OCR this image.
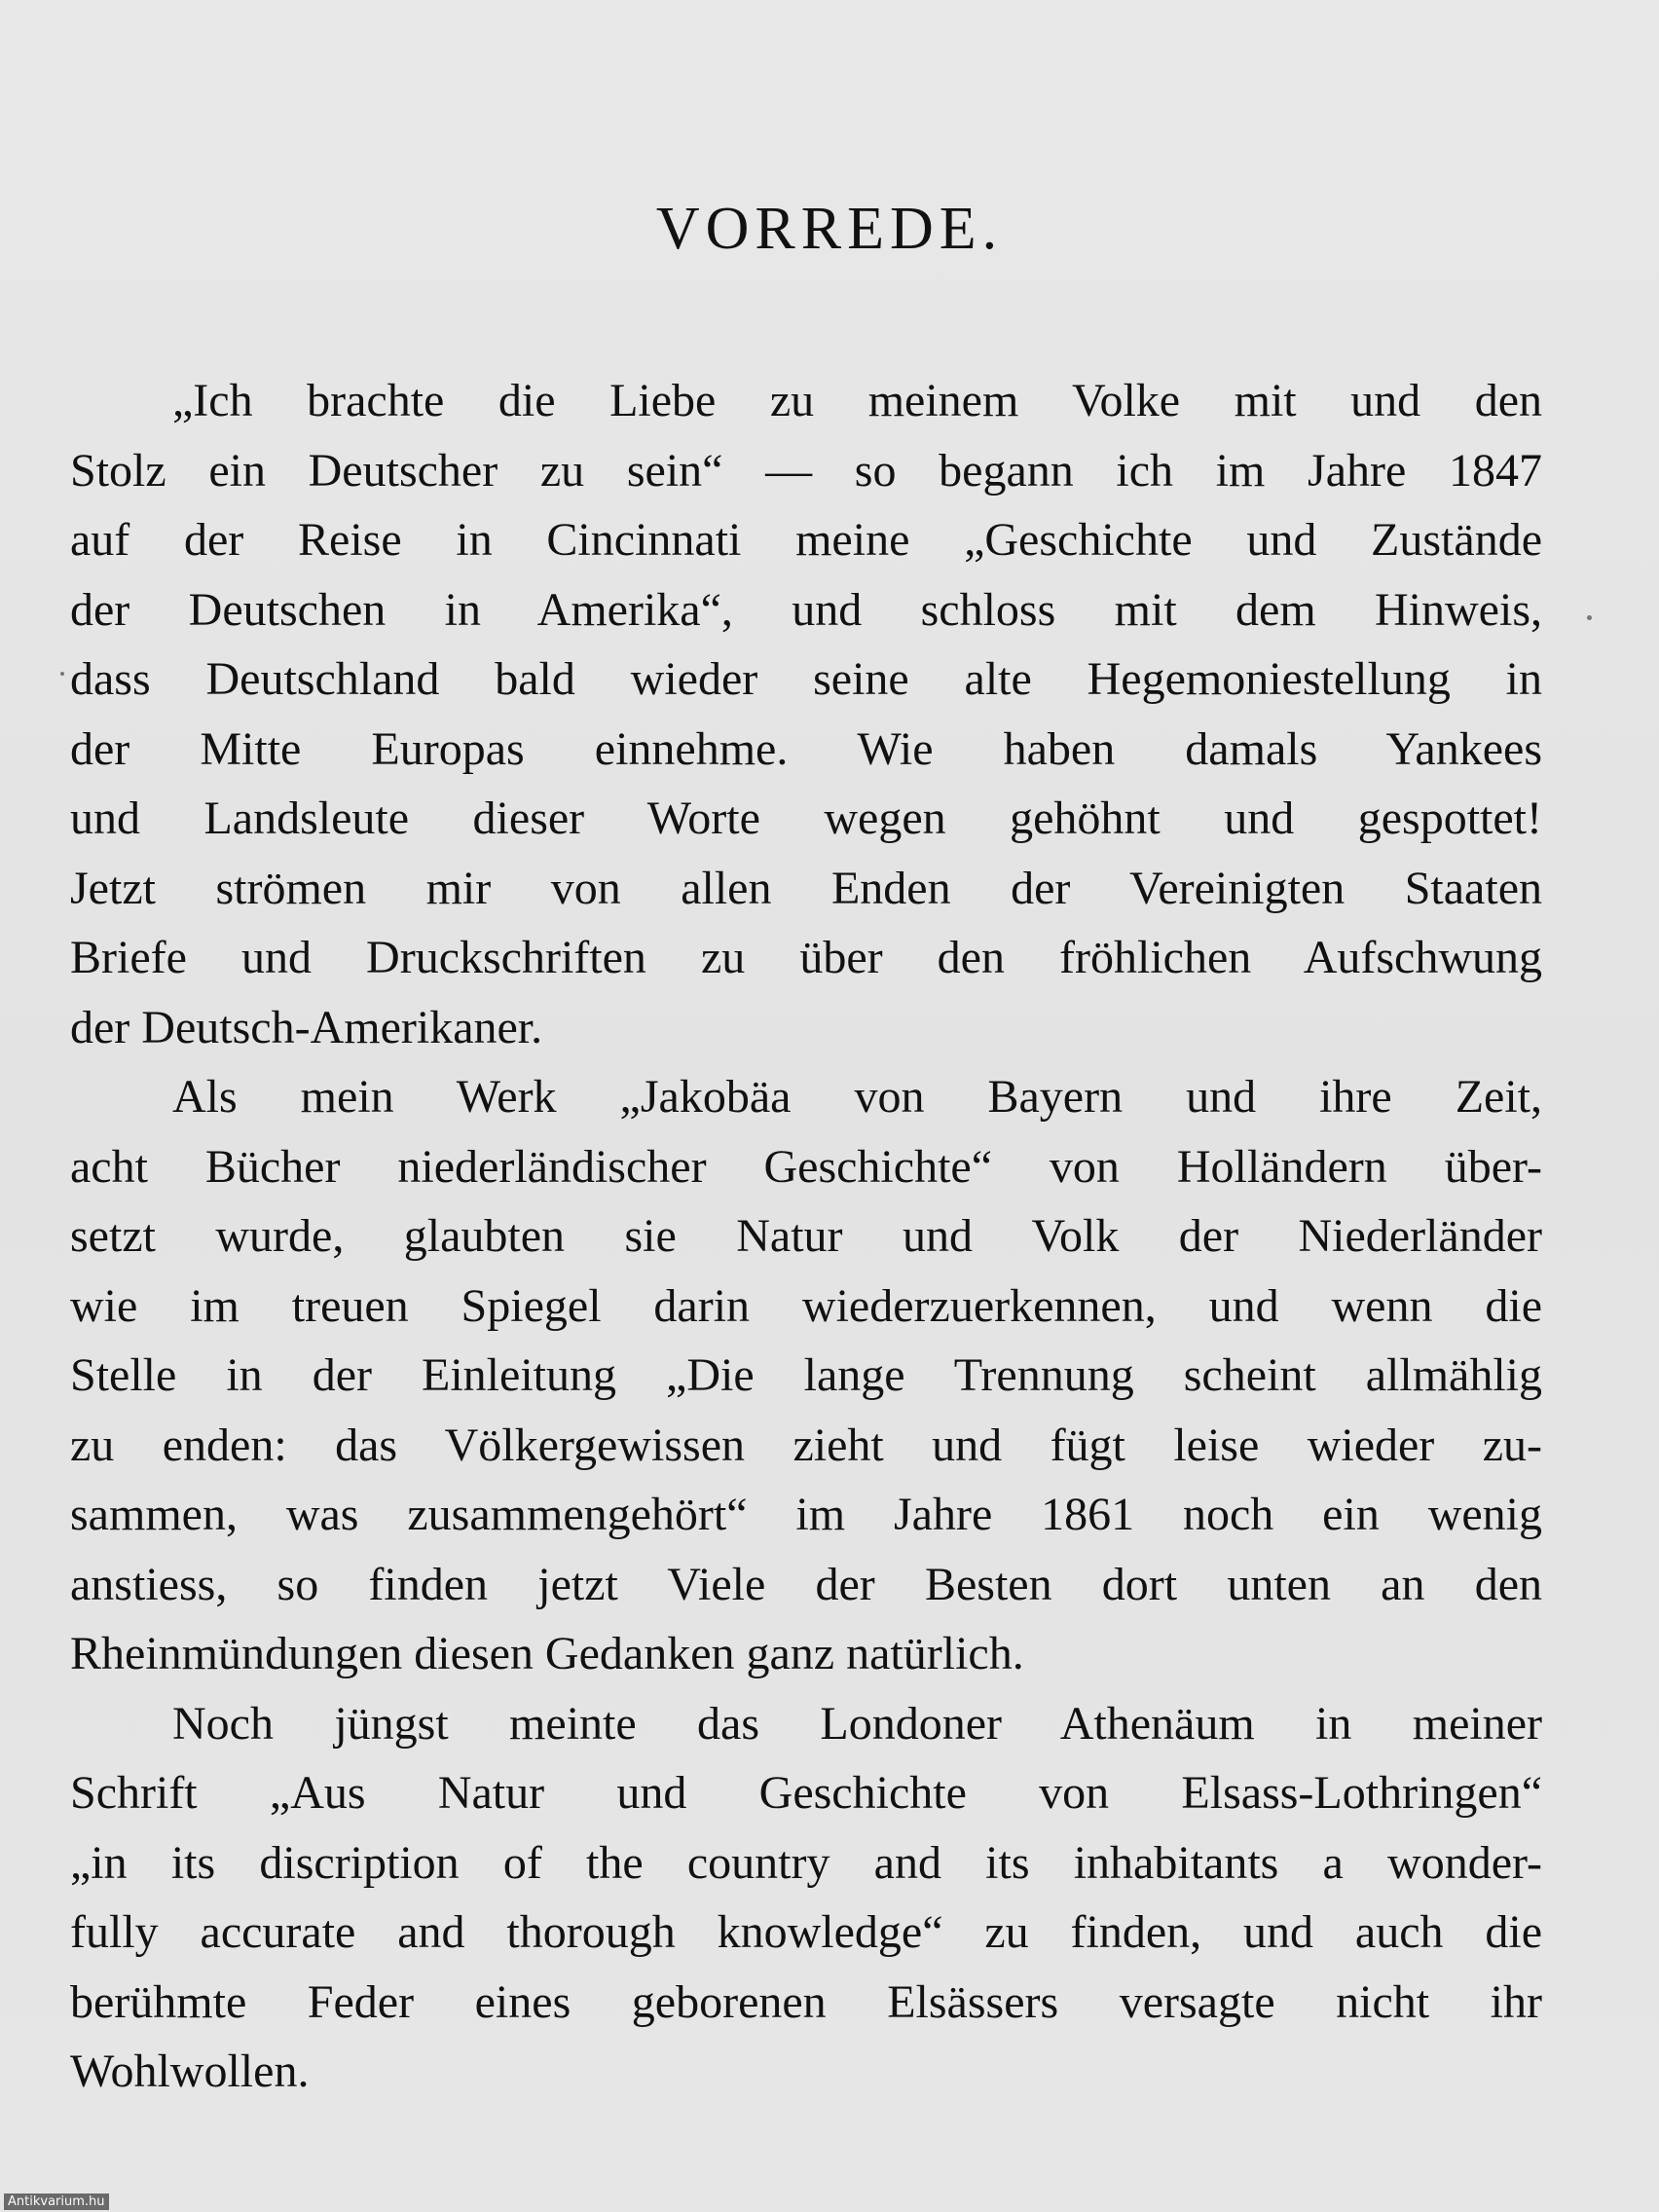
VORREDE.
„Ich brachte die Liebe zu meinem Volke mit und den
Stolz ein Deutscher zu sein“ — so begann ich im Jahre 1847
auf der Reise in Cincinnati meine „Geschichte und Zustände
der Deutschen in Amerika“, und schloss mit dem Hinweis,
dass Deutschland bald wieder seine alte Hegemoniestellung in
der Mitte Europas einnehme. Wie haben damals Yankees
und Landsleute dieser Worte wegen gehöhnt und gespottet!
Jetzt strömen mir von allen Enden der Vereinigten Staaten
Briefe und Druckschriften zu über den fröhlichen Aufschwung
der Deutsch-Amerikaner.
Als mein Werk „Jakobäa von Bayern und ihre Zeit,
acht Bücher niederländischer Geschichte“ von Holländern über-
setzt wurde, glaubten sie Natur und Volk der Niederländer
wie im treuen Spiegel darin wiederzuerkennen, und wenn die
Stelle in der Einleitung „Die lange Trennung scheint allmählig
zu enden: das Völkergewissen zieht und fügt leise wieder zu-
sammen, was zusammengehört“ im Jahre 1861 noch ein wenig
anstiess, so finden jetzt Viele der Besten dort unten an den
Rheinmündungen diesen Gedanken ganz natürlich.
Noch jüngst meinte das Londoner Athenäum in meiner
Schrift „Aus Natur und Geschichte von Elsass-Lothringen“
„in its discription of the country and its inhabitants a wonder-
fully accurate and thorough knowledge“ zu finden, und auch die
berühmte Feder eines geborenen Elsässers versagte nicht ihr
Wohlwollen.
Antikvarium.hu
